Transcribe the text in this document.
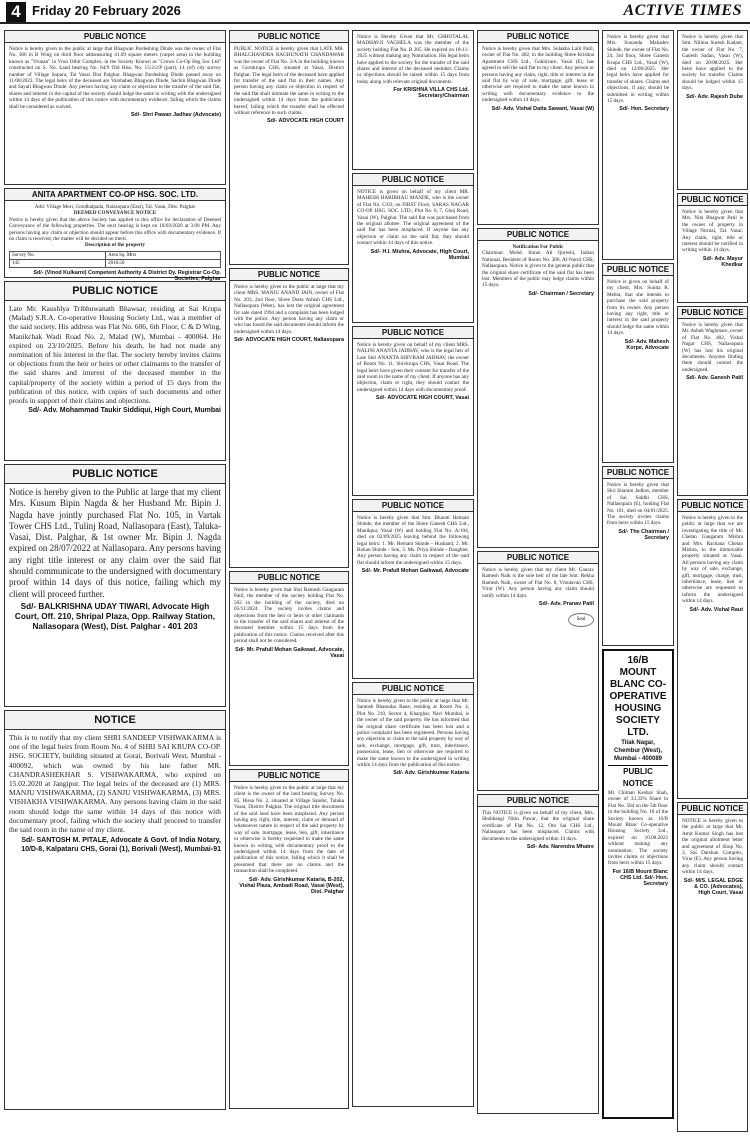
4 Friday 20 February 2026	ACTIVE TIMES
PUBLIC NOTICE
Notice is hereby given to the public at large that Bhagwan Pardeshing Dinde was the owner of Flat No. 306 in B Wing on third floor admeasuring 41.09 square meters (carpet area) in the building known as "Vrunan" in Vrun Orbit Complex, in the Society Known as "Crown Co-Op Hsg Soc Ltd" constructed on S. No. Land bearing No. 64/9 Old Hiss. No. 15/2/2/P (part), 14 (of) city survey number of Village Sopara, Tal Vasai Dist Palghar. Bhagwan Pardeshing Dinde passed away on 11/08/2023. The legal heirs of the deceased are Varshaben Bhagwan Dinde, Sachin Bhagwan Dinde and Sayali Bhagwan Dinde. Any person having any claim or objection to the transfer of the said flat, shares and interest in the capital of the society should lodge the same in writing with the undersigned within 14 days of the publication of this notice with documentary evidence, failing which the claims shall be considered as waived.
Sd/- Shri Pawan Jadhav (Advocate)
ANITA APARTMENT CO-OP HSG. SOC. LTD.
Add: Village Mori, Gondhalpada, Nalasopara (East), Tal. Vasai, Dist. Palghar
DEEMED CONVEYANCE NOTICE
Notice is hereby given that the above Society has applied to this office for declaration of Deemed Conveyance of the following properties. The next hearing is kept on 10/03/2026 at 3.00 PM. Any persons having any claim or objection should appear before this office with documentary evidence. If no claim is received, the matter will be decided on merit.
Description of the property
Survey No.	Area Sq. Mtrs
145	2016.50
Sd/- (Vinod Kulkarni) Competent Authority & District Dy. Registrar Co-Op. Societies, Palghar
PUBLIC NOTICE
Late Mr. Kaushlya Tribhuwanath Bhawsar, residing at Sai Krupa (Malad) S.R.A. Co-operative Housing Society Ltd., was a member of the said society. His address was Flat No. 606, 6th Floor, C & D Wing, Manikchak Wadi Road No. 2, Malad (W), Mumbai - 400064. He expired on 23/10/2025. Before his death, he had not made any nomination of his interest in the flat. The society hereby invites claims or objections from the heir or heirs or other claimants to the transfer of the said shares and interest of the deceased member in the capital/property of the society within a period of 15 days from the publication of this notice, with copies of such documents and other proofs in support of their claims and objections.
Sd/- Adv. Mohammad Taukir Siddiqui, High Court, Mumbai
PUBLIC NOTICE
Notice is hereby given to the Public at large that my client Mrs. Kusum Bipin Nagda & her Husband Mr. Bipin J. Nagda have jointly purchased Flat No. 105, in Vartak Tower CHS Ltd., Tulinj Road, Nallasopara (East), Taluka-Vasai, Dist. Palghar, & 1st owner Mr. Bipin J. Nagda expired on 28/07/2022 at Nallasopara. Any persons having any right title interest or any claim over the said flat should communicate to the undersigned with documentary proof within 14 days of this notice, failing which my client will proceed further.
Sd/- BALKRISHNA UDAY TIWARI, Advocate High Court, Off. 210, Shripal Plaza, Opp. Railway Station, Nallasopara (West), Dist. Palghar - 401 203
NOTICE
This is to notify that my client SHRI SANDEEP VISHWAKARMA is one of the legal heirs from Room No. 4 of SHRI SAI KRUPA CO-OP. HSG. SOCIETY, building situated at Gorai, Borivali West, Mumbai - 400092, which was owned by his late father MR. CHANDRASHEKHAR S. VISHWAKARMA, who expired on 15.02.2020 at Jangipur. The legal heirs of the deceased are (1) MRS. MANJU VISHWAKARMA, (2) SANJU VISHWAKARMA, (3) MRS. VISHAKHA VISHWAKARMA. Any persons having claim in the said room should lodge the same within 14 days of this notice with documentary proof, failing which the society shall proceed to transfer the said room in the name of my client.
Sd/- SANTOSH M. PITALE, Advocate & Govt. of India Notary, 10/D-8, Kalpataru CHS, Gorai (1), Borivali (West), Mumbai-91
PUBLIC NOTICE
PUBLIC NOTICE is hereby given that LATE MR. BHALCHANDRA RAGHUNATH CHANDAWAR was the owner of Flat No. 3/A in the building known as Gurukrupa CHS, situated at Vasai, District Palghar. The legal heirs of the deceased have applied for transfer of the said flat in their names. Any person having any claim or objection in respect of the said flat shall intimate the same in writing to the undersigned within 14 days from the publication hereof, failing which the transfer shall be effected without reference to such claims.
Sd/- ADVOCATE HIGH COURT
PUBLIC NOTICE
Notice is hereby given to the public at large that my client MRS. MANJU ANAND JAIN, owner of Flat No. 203, 2nd floor, Shree Dutta Ashish CHS Ltd., Nallasopara (West), has lost the original agreement for sale dated 1994 and a complaint has been lodged with the police. Any person having any claim or who has found the said documents should inform the undersigned within 14 days.
Sd/- ADVOCATE HIGH COURT, Nallasopara
PUBLIC NOTICE
Notice is hereby given that Shri Ramesh Gangaram Patil, the member of the society holding Flat No. 502 in the building of the society, died on 05/11/2024. The society invites claims and objections from the heir or heirs or other claimants to the transfer of the said shares and interest of the deceased member within 15 days from the publication of this notice. Claims received after this period shall not be considered.
Sd/- Mr. Prafull Mohan Gaikwad, Advocate, Vasai
PUBLIC NOTICE
Notice is hereby given to the public at large that my client is the owner of the land bearing Survey No. 85, Hissa No. 2, situated at Village Sandor, Taluka Vasai, District Palghar. The original title documents of the said land have been misplaced. Any person having any right, title, interest, claim or demand of whatsoever nature in respect of the said property by way of sale, mortgage, lease, lien, gift, inheritance or otherwise is hereby requested to make the same known in writing with documentary proof to the undersigned within 14 days from the date of publication of this notice, failing which it shall be presumed that there are no claims and the transaction shall be completed.
Sd/- Adv. Girishkumar Kataria, B-202, Vishal Plaza, Ambadi Road, Vasai (West), Dist. Palghar
Notice is Hereby Given that Mr. CHHOTALAL MADHAVJI VAGHELA was the member of the society holding Flat No. B 205. He expired on 18-11-2025 without making any Nomination. His legal heirs have applied to the society for the transfer of the said shares and interest of the deceased member. Claims or objections should be raised within 15 days from today along with relevant original documents.
For KRISHNA VILLA CHS Ltd. Secretary/Chairman
PUBLIC NOTICE
NOTICE is given on behalf of my client MR. MAHESH HARIBHAU MANDE, who is the owner of Flat No. C/03, on FIRST Floor, SARAS NAGAR CO-OP. HSG. SOC. LTD., Plot No. 6, 7, Ghoj Road, Vasai (W), Palghar. The said flat was purchased from the original allottee. The original agreement of the said flat has been misplaced. If anyone has any objection or claim on the said flat, they should contact within 14 days of this notice.
Sd/- H.I. Mishra, Advocate, High Court, Mumbai
PUBLIC NOTICE
Notice is hereby given on behalf of my client MRS. NALINI ANANTA JADHAV, who is the legal heir of Late Shri ANANTA SHIVRAM JADHAV, the owner of Room No. 11, Shivkrupa CHS, Vasai Road. The legal heirs have given their consent for transfer of the said room in the name of my client. If anyone has any objection, claim or right, they should contact the undersigned within 14 days with documentary proof.
Sd/- ADVOCATE HIGH COURT, Vasai
PUBLIC NOTICE
Notice is hereby given that Smt. Bharati Hemant Shinde, the member of the Shree Ganesh CHS Ltd., Manikpur, Vasai (W) and holding Flat No. A/104, died on 02/09/2025 leaving behind the following legal heirs: 1. Mr. Hemant Shinde - Husband, 2. Mr. Rohan Shinde - Son, 3. Ms. Priya Shinde - Daughter. Any person having any claim in respect of the said flat should inform the undersigned within 15 days.
Sd/- Mr. Prafull Mohan Gaikwad, Advocate
PUBLIC NOTICE
Notice is hereby given to the public at large that Mr. Santosh Bhanudas Rane, residing at Room No. 4, Plot No. 210, Sector 4, Kharghar, Navi Mumbai, is the owner of the said property. He has informed that the original share certificate has been lost and a police complaint has been registered. Persons having any objection or claim to the said property by way of sale, exchange, mortgage, gift, trust, inheritance, possession, lease, lien or otherwise are required to make the same known to the undersigned in writing within 14 days from the publication of this notice.
Sd/- Adv. Girishkumar Kataria
PUBLIC NOTICE
Notice is hereby given that Mrs. Sulakha Lalit Patil, owner of Flat No. 402, in the building Shree Krishna Apartment CHS Ltd., Gokhivare, Vasai (E), has agreed to sell the said flat to my client. Any person or persons having any claim, right, title or interest in the said flat by way of sale, mortgage, gift, lease or otherwise are required to make the same known in writing with documentary evidence to the undersigned within 14 days.
Sd/- Adv. Vishal Datta Sawant, Vasai (W)
PUBLIC NOTICE
Notification For Public
Chairman: Mohd. Imran Ali Qureshi, Indian National, Resident of Room No. 306, Al-Nurul CHS, Nallasopara. Notice is given to the general public that the original share certificate of the said flat has been lost. Members of the public may lodge claims within 15 days.
Sd/- Chairman / Secretary
PUBLIC NOTICE
Notice is hereby given that my client Mr. Gaurav Ramesh Naik is the sole heir of the late Smt. Rekha Ramesh Naik, owner of Flat No. 8, Vrindavan CHS, Virar (W). Any person having any claim should notify within 14 days.
Sd/- Adv. Pranav Patil
Seal
PUBLIC NOTICE
This NOTICE is given on behalf of my client, Mrs. Shubhangi Nitin Pawar, that the original share certificate of Flat No. 12, Om Sai CHS Ltd., Nalasopara has been misplaced. Claims with documents to the undersigned within 14 days.
Sd/- Adv. Narendra Mhatre
Notice is hereby given that Mrs. Sunanda Mahadev Shinde, the owner of Flat No. 24, 3rd floor, Shree Ganesh Krupa CHS Ltd., Vasai (W), died on 12/06/2025. Her legal heirs have applied for transfer of shares. Claims and objections, if any, should be submitted in writing within 15 days.
Sd/- Hon. Secretary
PUBLIC NOTICE
Notice is given on behalf of my client, Mrs. Sunita R. Mehta, that she intends to purchase the said property from its owner. Any person having any right, title or interest in the said property should lodge the same within 14 days.
Sd/- Adv. Mahesh Korpe, Advocate
PUBLIC NOTICE
Notice is hereby given that Shri Sitaram Jadhav, member of Sai Siddhi CHS, Nallasopara (E), holding Flat No. 101, died on 04/01/2025. The society invites claims from heirs within 15 days.
Sd/- The Chairman / Secretary
16/B MOUNT BLANC CO-OPERATIVE HOUSING SOCIETY LTD.
Tilak Nagar, Chembur (West), Mumbai - 400089
PUBLIC NOTICE
Mr. Chiman Keshav Shah, owner of 33.33% Share in Flat No. 504 on the 5th floor in the building No. 16 of the Society known as 16/B Mount Blanc Co-operative Housing Society Ltd., expired on 10.08.2022 without making any nomination. The society invites claims or objections from heirs within 15 days.
For 16/B Mount Blanc CHS Ltd. Sd/- Hon. Secretary
Notice is hereby given that Smt. Nilima Suresh Kadam, the owner of Flat No. 7, Ganesh Sadan, Vasai (W), died on 20/08/2025. Her heirs have applied to the society for transfer. Claims should be lodged within 15 days.
Sd/- Adv. Rajesh Dube
PUBLIC NOTICE
Notice is hereby given that Mrs. Nita Bhagwat Patil is the owner of property in Village Nirmal, Tal. Vasai. Any claim, right, title or interest should be notified in writing within 14 days.
Sd/- Adv. Mayur Khedkar
PUBLIC NOTICE
Notice is hereby given that Mr. Ashok Waghmare, owner of Flat No. 402, Vishal Nagar CHS, Nallasopara (W) has lost his original documents. Anyone finding them should contact the undersigned.
Sd/- Adv. Ganesh Patil
PUBLIC NOTICE
Notice is hereby given to the public at large that we are investigating the title of Mr. Chetan Gangaram Mishra and Mrs. Rachana Chetan Mishra, to the immovable property situated at Vasai. All persons having any claim by way of sale, exchange, gift, mortgage, charge, trust, inheritance, lease, lien or otherwise are requested to inform the undersigned within 14 days.
Sd/- Adv. Vishal Raut
PUBLIC NOTICE
NOTICE is hereby given to the public at large that Mr. Amit Kumar Singh has lost the original allotment letter and agreement of Shop No. 3, Sai Darshan Complex, Virar (E). Any person having any claim should contact within 14 days.
Sd/- M/S. LEGAL EDGE & CO. (Advocates), High Court, Vasai
